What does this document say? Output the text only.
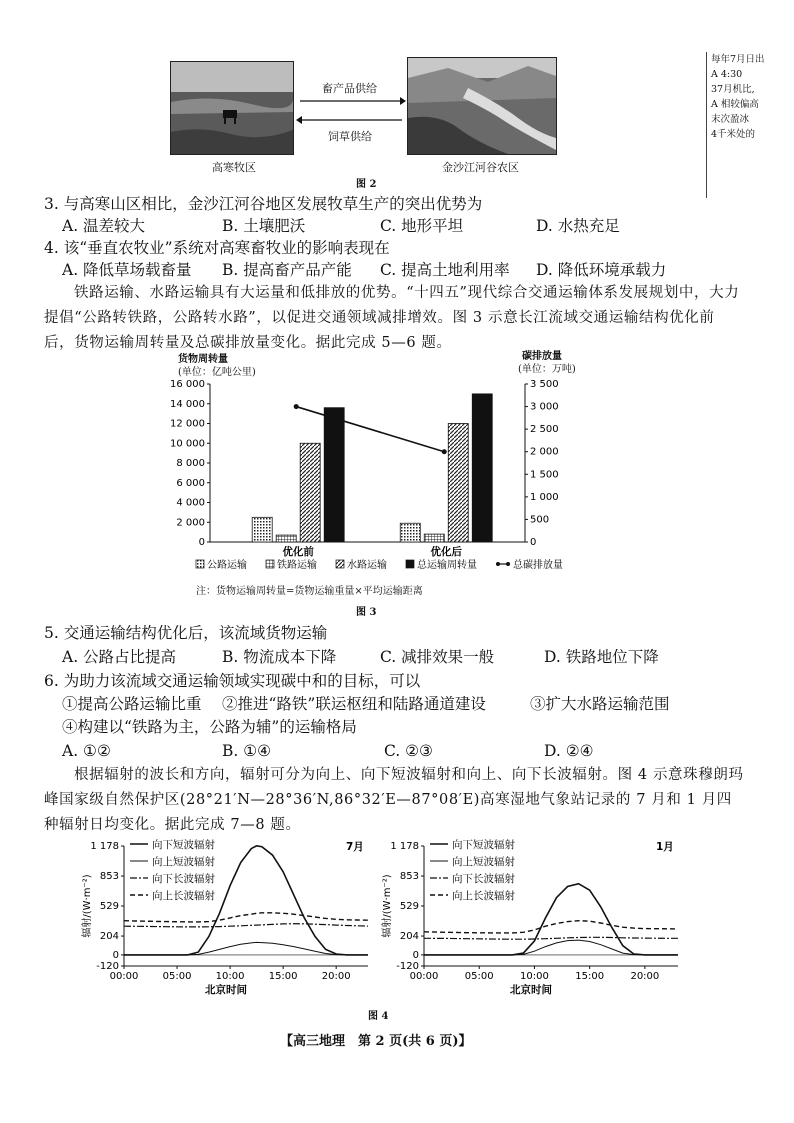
高寒牧区
畜产品供给
饲草供给
金沙江河谷农区
图 2
每年7月日出
A 4:30
37月机比,
A 相较偏高
末次盈冰
4千米处的
3. 与高寒山区相比，金沙江河谷地区发展牧草生产的突出优势为
A. 温差较大	B. 土壤肥沃	C. 地形平坦	D. 水热充足
4. 该“垂直农牧业”系统对高寒畜牧业的影响表现在
A. 降低草场载畜量 B. 提高畜产品产能 C. 提高土地利用率 D. 降低环境承载力
铁路运输、水路运输具有大运量和低排放的优势。“十四五”现代综合交通运输体系发展规划中，大力提倡“公路转铁路，公路转水路”，以促进交通领域减排增效。图 3 示意长江流域交通运输结构优化前后，货物运输周转量及总碳排放量变化。据此完成 5—6 题。
货物周转量
(单位：亿吨公里)
碳排放量
(单位：万吨)
0
2 000
4 000
6 000
8 000
10 000
12 000
14 000
16 000
0
500
1 000
1 500
2 000
2 500
3 000
3 500
优化前	优化后
公路运输	铁路运输	水路运输	总运输周转量	总碳排放量
注：货物运输周转量=货物运输重量×平均运输距离
图 3
5. 交通运输结构优化后，该流域货物运输
A. 公路占比提高	B. 物流成本下降	C. 减排效果一般	D. 铁路地位下降
6. 为助力该流域交通运输领域实现碳中和的目标，可以
①提高公路运输比重 ②推进“路铁”联运枢纽和陆路通道建设	③扩大水路运输范围
④构建以“铁路为主，公路为辅”的运输格局
A. ①②	B. ①④	C. ②③	D. ②④
根据辐射的波长和方向，辐射可分为向上、向下短波辐射和向上、向下长波辐射。图 4 示意珠穆朗玛峰国家级自然保护区(28°21′N—28°36′N,86°32′E—87°08′E)高寒湿地气象站记录的 7 月和 1 月四种辐射日均变化。据此完成 7—8 题。
-120
0
204
529
853
1 178
00:00 05:00 10:00 15:00 20:00
北京时间
辐射/(W·m⁻²)
7月
向下短波辐射
向上短波辐射
向下长波辐射
向上长波辐射
-120
0
204
529
853
1 178
00:00	05:00	10:00	15:00	20:00
北京时间
辐射/(W·m⁻²)
1月
向下短波辐射
向上短波辐射
向下长波辐射
向上长波辐射
图 4
【高三地理　第 2 页(共 6 页)】
